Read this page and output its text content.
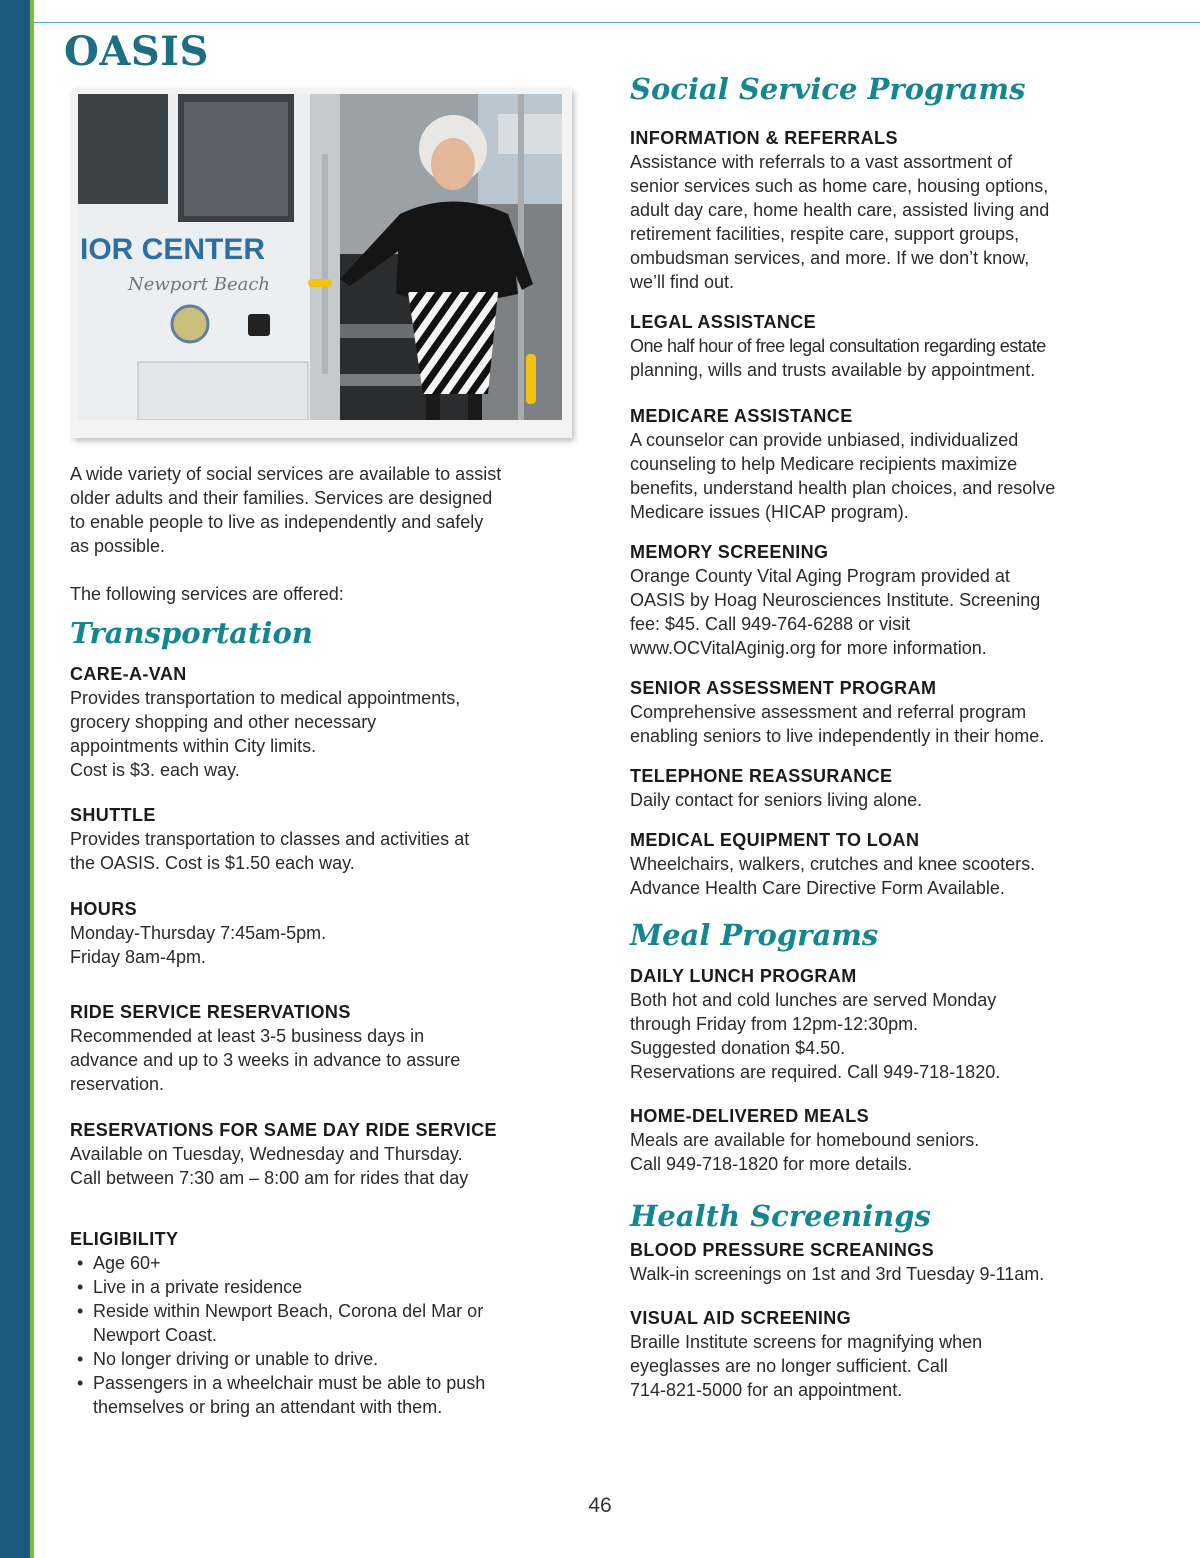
OASIS
IOR CENTER
Newport Beach

A wide variety of social services are available to assist
older adults and their families. Services are designed
to enable people to live as independently and safely
as possible.

The following services are offered:

Transportation

CARE-A-VAN

Provides transportation to medical appointments,
grocery shopping and other necessary
appointments within City limits.
Cost is $3. each way.

SHUTTLE

Provides transportation to classes and activities at
the OASIS. Cost is $1.50 each way.

HOURS

Monday-Thursday 7:45am-5pm.
Friday 8am-4pm.

RIDE SERVICE RESERVATIONS

Recommended at least 3-5 business days in
advance and up to 3 weeks in advance to assure
reservation.

RESERVATIONS FOR SAME DAY RIDE SERVICE

Available on Tuesday, Wednesday and Thursday.
Call between 7:30 am – 8:00 am for rides that day

ELIGIBILITY

• Age 60+
• Live in a private residence
• Reside within Newport Beach, Corona del Mar or
Newport Coast.
• No longer driving or unable to drive.
• Passengers in a wheelchair must be able to push
themselves or bring an attendant with them.
Social Service Programs

INFORMATION & REFERRALS

Assistance with referrals to a vast assortment of
senior services such as home care, housing options,
adult day care, home health care, assisted living and
retirement facilities, respite care, support groups,
ombudsman services, and more. If we don’t know,
we’ll find out.

LEGAL ASSISTANCE

One half hour of free legal consultation regarding estate
planning, wills and trusts available by appointment.

MEDICARE ASSISTANCE

A counselor can provide unbiased, individualized
counseling to help Medicare recipients maximize
benefits, understand health plan choices, and resolve
Medicare issues (HICAP program).

MEMORY SCREENING

Orange County Vital Aging Program provided at
OASIS by Hoag Neurosciences Institute. Screening
fee: $45. Call 949-764-6288 or visit
www.OCVitalAginig.org for more information.

SENIOR ASSESSMENT PROGRAM

Comprehensive assessment and referral program
enabling seniors to live independently in their home.

TELEPHONE REASSURANCE

Daily contact for seniors living alone.

MEDICAL EQUIPMENT TO LOAN

Wheelchairs, walkers, crutches and knee scooters.
Advance Health Care Directive Form Available.

Meal Programs

DAILY LUNCH PROGRAM

Both hot and cold lunches are served Monday
through Friday from 12pm-12:30pm.
Suggested donation $4.50.
Reservations are required. Call 949-718-1820.

HOME-DELIVERED MEALS

Meals are available for homebound seniors.
Call 949-718-1820 for more details.

Health Screenings

BLOOD PRESSURE SCREANINGS

Walk-in screenings on 1st and 3rd Tuesday 9-11am.

VISUAL AID SCREENING

Braille Institute screens for magnifying when
eyeglasses are no longer sufficient. Call
714-821-5000 for an appointment.

46
